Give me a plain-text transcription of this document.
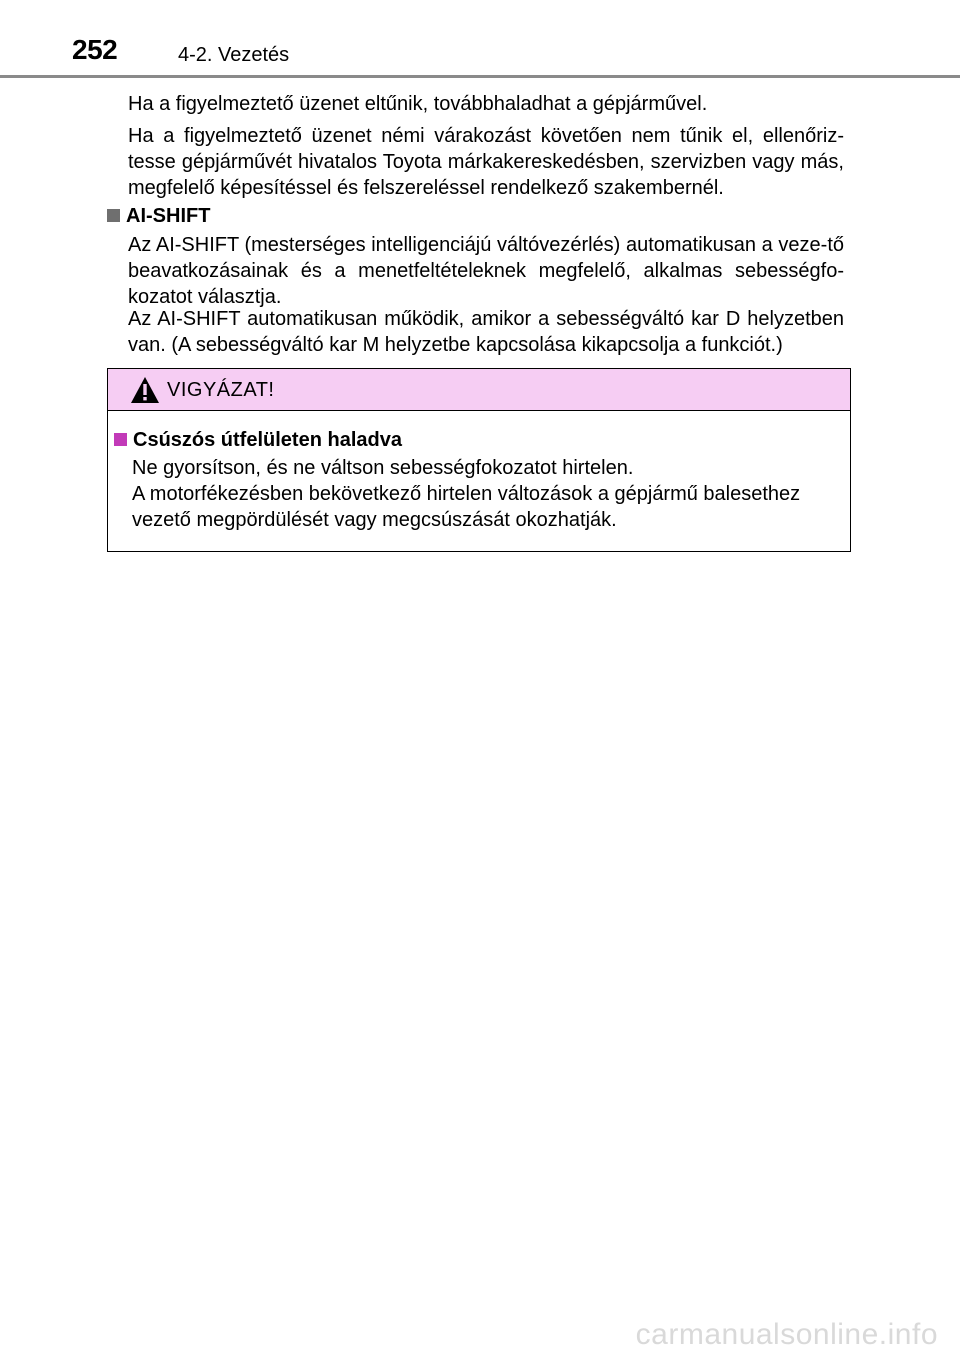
252	4-2. Vezetés
Ha a figyelmeztető üzenet eltűnik, továbbhaladhat a gépjárművel.
Ha a figyelmeztető üzenet némi várakozást követően nem tűnik el, ellenőriz-tesse gépjárművét hivatalos Toyota márkakereskedésben, szervizben vagy más, megfelelő képesítéssel és felszereléssel rendelkező szakembernél.
AI-SHIFT
Az AI-SHIFT (mesterséges intelligenciájú váltóvezérlés) automatikusan a veze-tő beavatkozásainak és a menetfeltételeknek megfelelő, alkalmas sebességfo-kozatot választja.
Az AI-SHIFT automatikusan működik, amikor a sebességváltó kar D helyzetben van. (A sebességváltó kar M helyzetbe kapcsolása kikapcsolja a funkciót.)
VIGYÁZAT!
Csúszós útfelületen haladva
Ne gyorsítson, és ne váltson sebességfokozatot hirtelen.
A motorfékezésben bekövetkező hirtelen változások a gépjármű balesethez vezető megpördülését vagy megcsúszását okozhatják.
carmanualsonline.info
